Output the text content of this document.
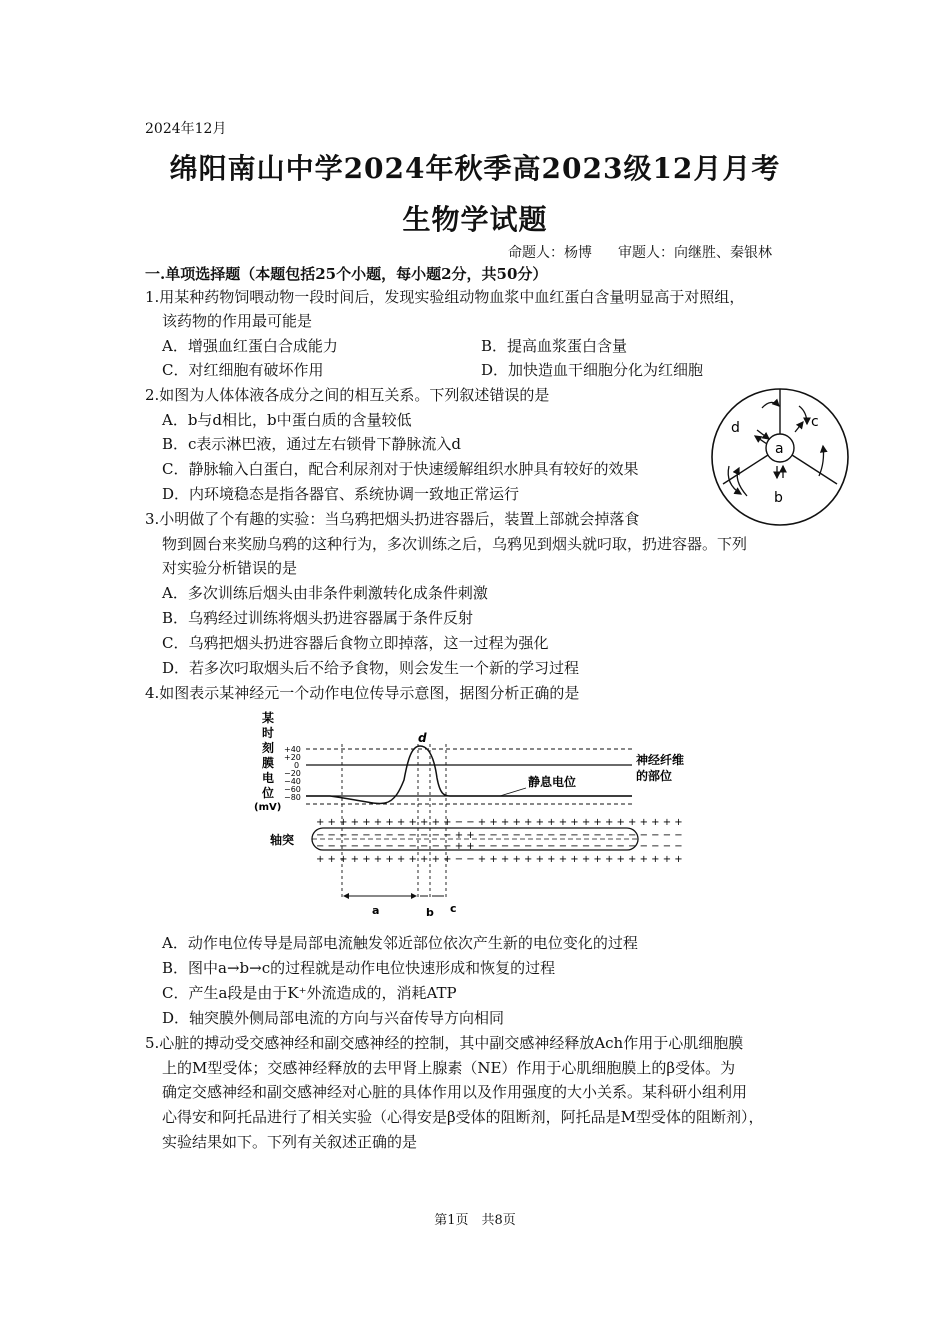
2024年12月
绵阳南山中学2024年秋季高2023级12月月考
生物学试题
命题人：杨博 审题人：向继胜、秦银林
一.单项选择题（本题包括25个小题，每小题2分，共50分）
1.用某种药物饲喂动物一段时间后，发现实验组动物血浆中血红蛋白含量明显高于对照组，
该药物的作用最可能是
A．增强血红蛋白合成能力	B．提高血浆蛋白含量
C．对红细胞有破坏作用	D．加快造血干细胞分化为红细胞
2.如图为人体体液各成分之间的相互关系。下列叙述错误的是
A．b与d相比，b中蛋白质的含量较低
B．c表示淋巴液，通过左右锁骨下静脉流入d
C．静脉输入白蛋白，配合利尿剂对于快速缓解组织水肿具有较好的效果
D．内环境稳态是指各器官、系统协调一致地正常运行
d	c
a
b
3.小明做了个有趣的实验：当乌鸦把烟头扔进容器后，装置上部就会掉落食
物到圆台来奖励乌鸦的这种行为，多次训练之后，乌鸦见到烟头就叼取，扔进容器。下列
对实验分析错误的是
A．多次训练后烟头由非条件刺激转化成条件刺激
B．乌鸦经过训练将烟头扔进容器属于条件反射
C．乌鸦把烟头扔进容器后食物立即掉落，这一过程为强化
D．若多次叼取烟头后不给予食物，则会发生一个新的学习过程
4.如图表示某神经元一个动作电位传导示意图，据图分析正确的是
某
时
刻
膜
电
位
(mV)
+40
+20
0
−20
−40
−60
−80
d
静息电位
神经纤维
的部位
轴突
+ + + + + + + + + + + + − − + + + + + + + + + + + + + + + + + +
− − − − − − − − − − − − + + − − − − − − − − − − − − − − − − − −
− − − − − − − − − − − − + + − − − − − − − − − − − − − − − − − −
+ + + + + + + + + + + + − − + + + + + + + + + + + + + + + + + +
a	b c
A．动作电位传导是局部电流触发邻近部位依次产生新的电位变化的过程
B．图中a→b→c的过程就是动作电位快速形成和恢复的过程
C．产生a段是由于K⁺外流造成的，消耗ATP
D．轴突膜外侧局部电流的方向与兴奋传导方向相同
5.心脏的搏动受交感神经和副交感神经的控制，其中副交感神经释放Ach作用于心肌细胞膜
上的M型受体；交感神经释放的去甲肾上腺素（NE）作用于心肌细胞膜上的β受体。为
确定交感神经和副交感神经对心脏的具体作用以及作用强度的大小关系。某科研小组利用
心得安和阿托品进行了相关实验（心得安是β受体的阻断剂，阿托品是M型受体的阻断剂），
实验结果如下。下列有关叙述正确的是
第1页　共8页
